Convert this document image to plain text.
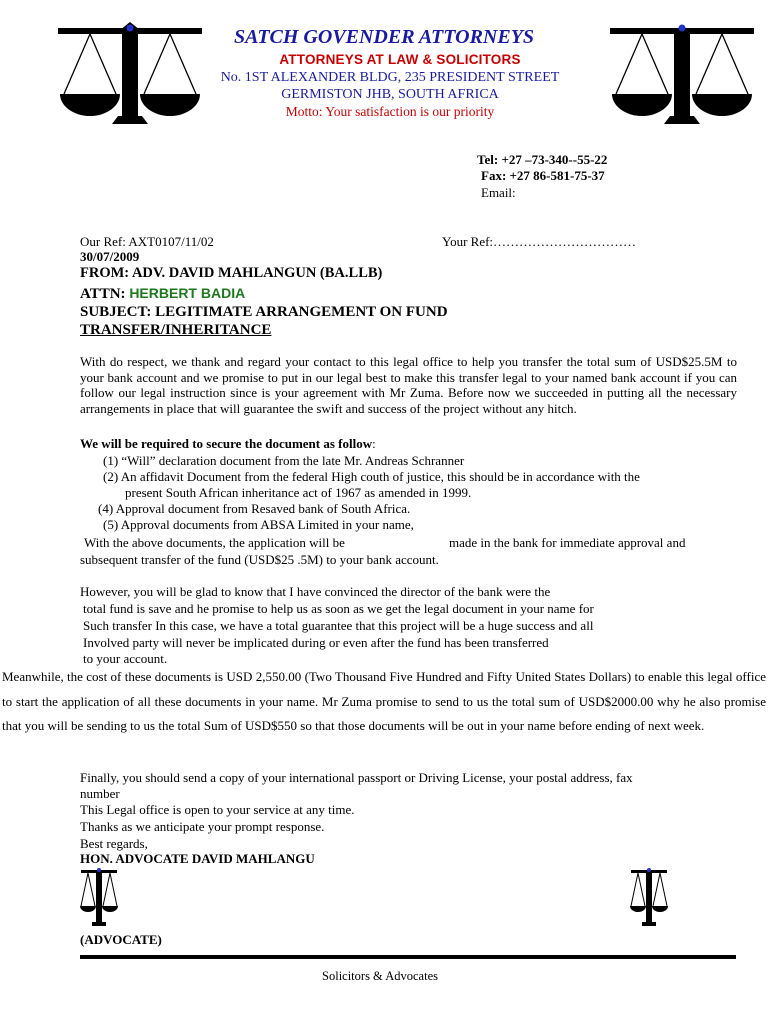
SATCH GOVENDER ATTORNEYS
ATTORNEYS AT LAW & SOLICITORS
No. 1ST ALEXANDER BLDG, 235 PRESIDENT STREET
GERMISTON JHB, SOUTH AFRICA
Motto: Your satisfaction is our priority
Tel: +27 –73-340--55-22
Fax: +27 86-581-75-37
Email:
Our Ref: AXT0107/11/02	Your Ref:……………………………
30/07/2009
FROM: ADV. DAVID MAHLANGUN (BA.LLB)
ATTN: HERBERT BADIA
SUBJECT: LEGITIMATE ARRANGEMENT ON FUND
TRANSFER/INHERITANCE
With do respect, we thank and regard your contact to this legal office to help you transfer the total sum of USD$25.5M to your bank account and we promise to put in our legal best to make this transfer legal to your named bank account if you can follow our legal instruction since is your agreement with Mr Zuma. Before now we succeeded in putting all the necessary arrangements in place that will guarantee the swift and success of the project without any hitch.
We will be required to secure the document as follow:
(1) “Will” declaration document from the late Mr. Andreas Schranner
(2) An affidavit Document from the federal High couth of justice, this should be in accordance with the
present South African inheritance act of 1967 as amended in 1999.
(4) Approval document from Resaved bank of South Africa.
(5) Approval documents from ABSA Limited in your name,
With the above documents, the application will be	made in the bank for immediate approval and
subsequent transfer of the fund (USD$25 .5M) to your bank account.
However, you will be glad to know that I have convinced the director of the bank were the
total fund is save and he promise to help us as soon as we get the legal document in your name for
Such transfer In this case, we have a total guarantee that this project will be a huge success and all
Involved party will never be implicated during or even after the fund has been transferred
to your account.
Meanwhile, the cost of these documents is USD 2,550.00 (Two Thousand Five Hundred and Fifty United States Dollars) to enable this legal office to start the application of all these documents in your name. Mr Zuma promise to send to us the total sum of USD$2000.00 why he also promise that you will be sending to us the total Sum of USD$550 so that those documents will be out in your name before ending of next week.
Finally, you should send a copy of your international passport or Driving License, your postal address, fax
number
This Legal office is open to your service at any time.
Thanks as we anticipate your prompt response.
Best regards,
HON. ADVOCATE DAVID MAHLANGU
(ADVOCATE)
Solicitors & Advocates
